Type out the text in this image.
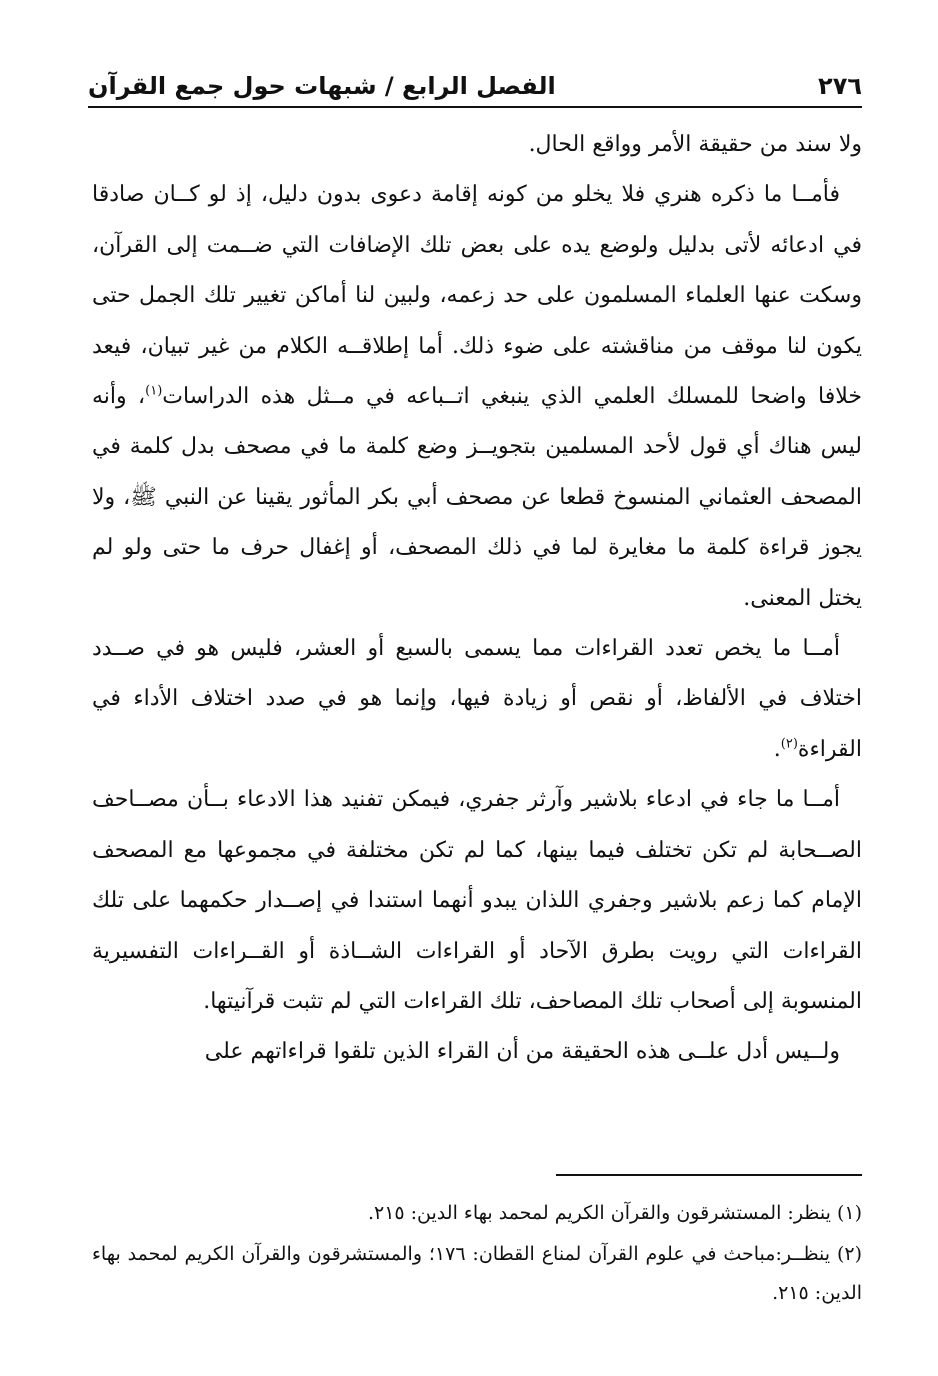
٢٧٦
الفصل الرابع / شبهات حول جمع القرآن

ولا سند من حقيقة الأمر وواقع الحال.

فأمــا ما ذكره هنري فلا يخلو من كونه إقامة دعوى بدون دليل، إذ لو كــان صادقا في ادعائه لأتى بدليل ولوضع يده على بعض تلك الإضافات التي ضــمت إلى القرآن، وسكت عنها العلماء المسلمون على حد زعمه، ولبين لنا أماكن تغيير تلك الجمل حتى يكون لنا موقف من مناقشته على ضوء ذلك. أما إطلاقــه الكلام من غير تبيان، فيعد خلافا واضحا للمسلك العلمي الذي ينبغي اتــباعه في مــثل هذه الدراسات$^{(١)}$، وأنه ليس هناك أي قول لأحد المسلمين بتجويــز وضع كلمة ما في مصحف بدل كلمة في المصحف العثماني المنسوخ قطعا عن مصحف أبي بكر المأثور يقينا عن النبي ﷺ، ولا يجوز قراءة كلمة ما مغايرة لما في ذلك المصحف، أو إغفال حرف ما حتى ولو لم يختل المعنى.

أمــا ما يخص تعدد القراءات مما يسمى بالسبع أو العشر، فليس هو في صــدد اختلاف في الألفاظ، أو نقص أو زيادة فيها، وإنما هو في صدد اختلاف الأداء في القراءة$^{(٢)}$.

أمــا ما جاء في ادعاء بلاشير وآرثر جفري، فيمكن تفنيد هذا الادعاء بــأن مصــاحف الصــحابة لم تكن تختلف فيما بينها، كما لم تكن مختلفة في مجموعها مع المصحف الإمام كما زعم بلاشير وجفري اللذان يبدو أنهما استندا في إصــدار حكمهما على تلك القراءات التي رويت بطرق الآحاد أو القراءات الشــاذة أو القــراءات التفسيرية المنسوبة إلى أصحاب تلك المصاحف، تلك القراءات التي لم تثبت قرآنيتها.

ولــيس أدل علــى هذه الحقيقة من أن القراء الذين تلقوا قراءاتهم على

(١) ينظر: المستشرقون والقرآن الكريم لمحمد بهاء الدين: ٢١٥.

(٢) ينظــر:مباحث في علوم القرآن لمناع القطان: ١٧٦؛ والمستشرقون والقرآن الكريم لمحمد بهاء الدين: ٢١٥.
